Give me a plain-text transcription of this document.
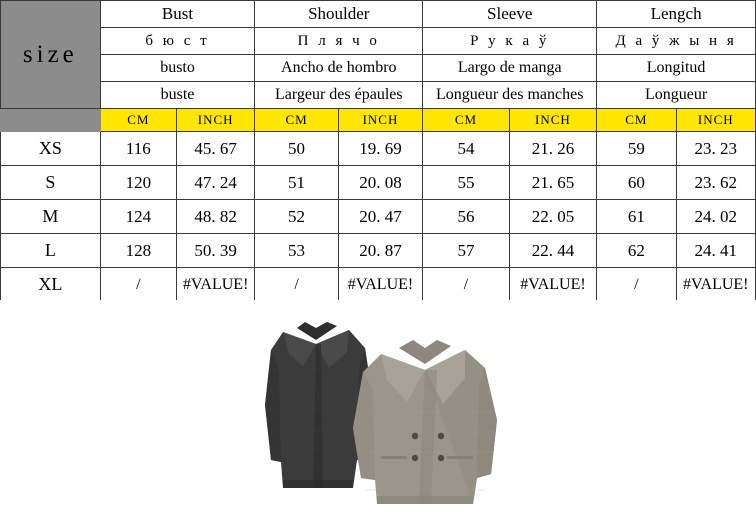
size	Bust		Shoulder		Sleeve		Lengch	
	б ю с т		П л я ч о		Р у к а ў		Д а ў ж ы н я	
	busto		Ancho de hombro		Largo de manga		Longitud	
	buste		Largeur des épaules		Longueur des manches		Longueur	
	CM	INCH	CM	INCH	CM	INCH	CM	INCH
XS	116	45. 67	50	19. 69	54	21. 26	59	23. 23
S	120	47. 24	51	20. 08	55	21. 65	60	23. 62
M	124	48. 82	52	20. 47	56	22. 05	61	24. 02
L	128	50. 39	53	20. 87	57	22. 44	62	24. 41
XL	/	#VALUE!	/	#VALUE!	/	#VALUE!	/	#VALUE!
